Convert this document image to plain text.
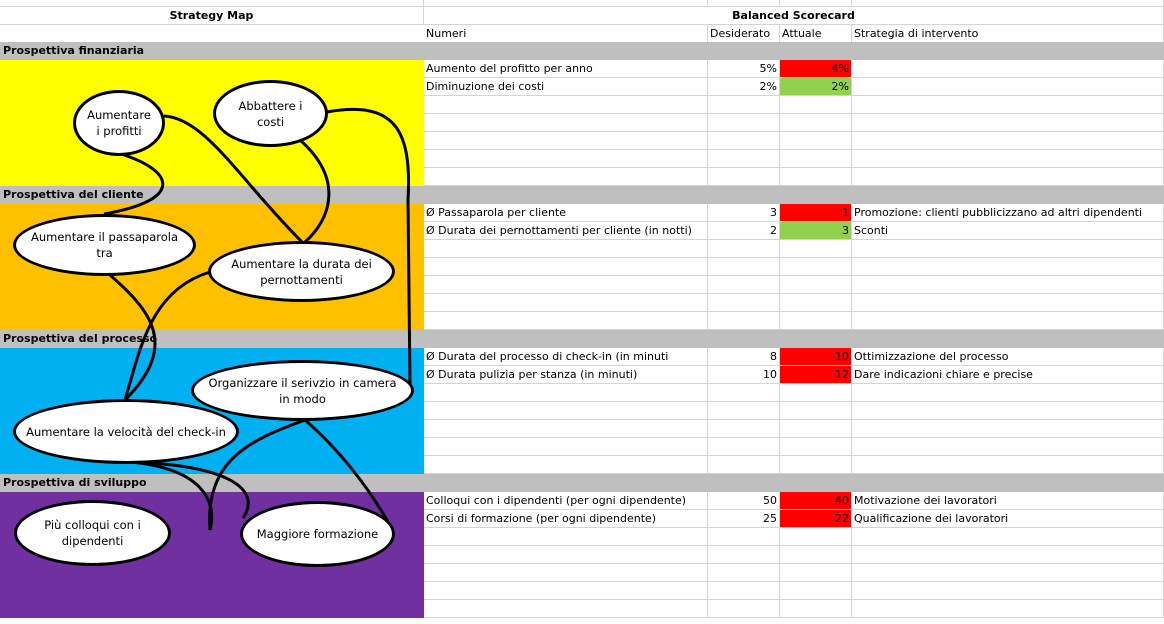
Strategy Map	Balanced Scorecard
Numeri	Desiderato	Attuale	Strategia di intervento
Prospettiva finanziaria
Aumento del profitto per anno	5%	4%
Diminuzione dei costi	2%	2%
Prospettiva del cliente
Ø Passaparola per cliente	3	1 Promozione: clienti pubblicizzano ad altri dipendenti
Ø Durata dei pernottamenti per cliente (in notti)	2	3 Sconti
Prospettiva del processo
Ø Durata del processo di check-in (in minuti	8	10 Ottimizzazione del processo
Ø Durata pulizia per stanza (in minuti)	10	12 Dare indicazioni chiare e precise
Prospettiva di sviluppo
Colloqui con i dipendenti (per ogni dipendente)	50	40 Motivazione dei lavoratori
Corsi di formazione (per ogni dipendente)	25	22 Qualificazione dei lavoratori
Aumentare i profitti
Abbattere i costi
Aumentare il passaparola tra
Aumentare la durata dei pernottamenti
Organizzare il serivzio in camera in modo
Aumentare la velocità del check-in
Più colloqui con i dipendenti	Maggiore formazione
